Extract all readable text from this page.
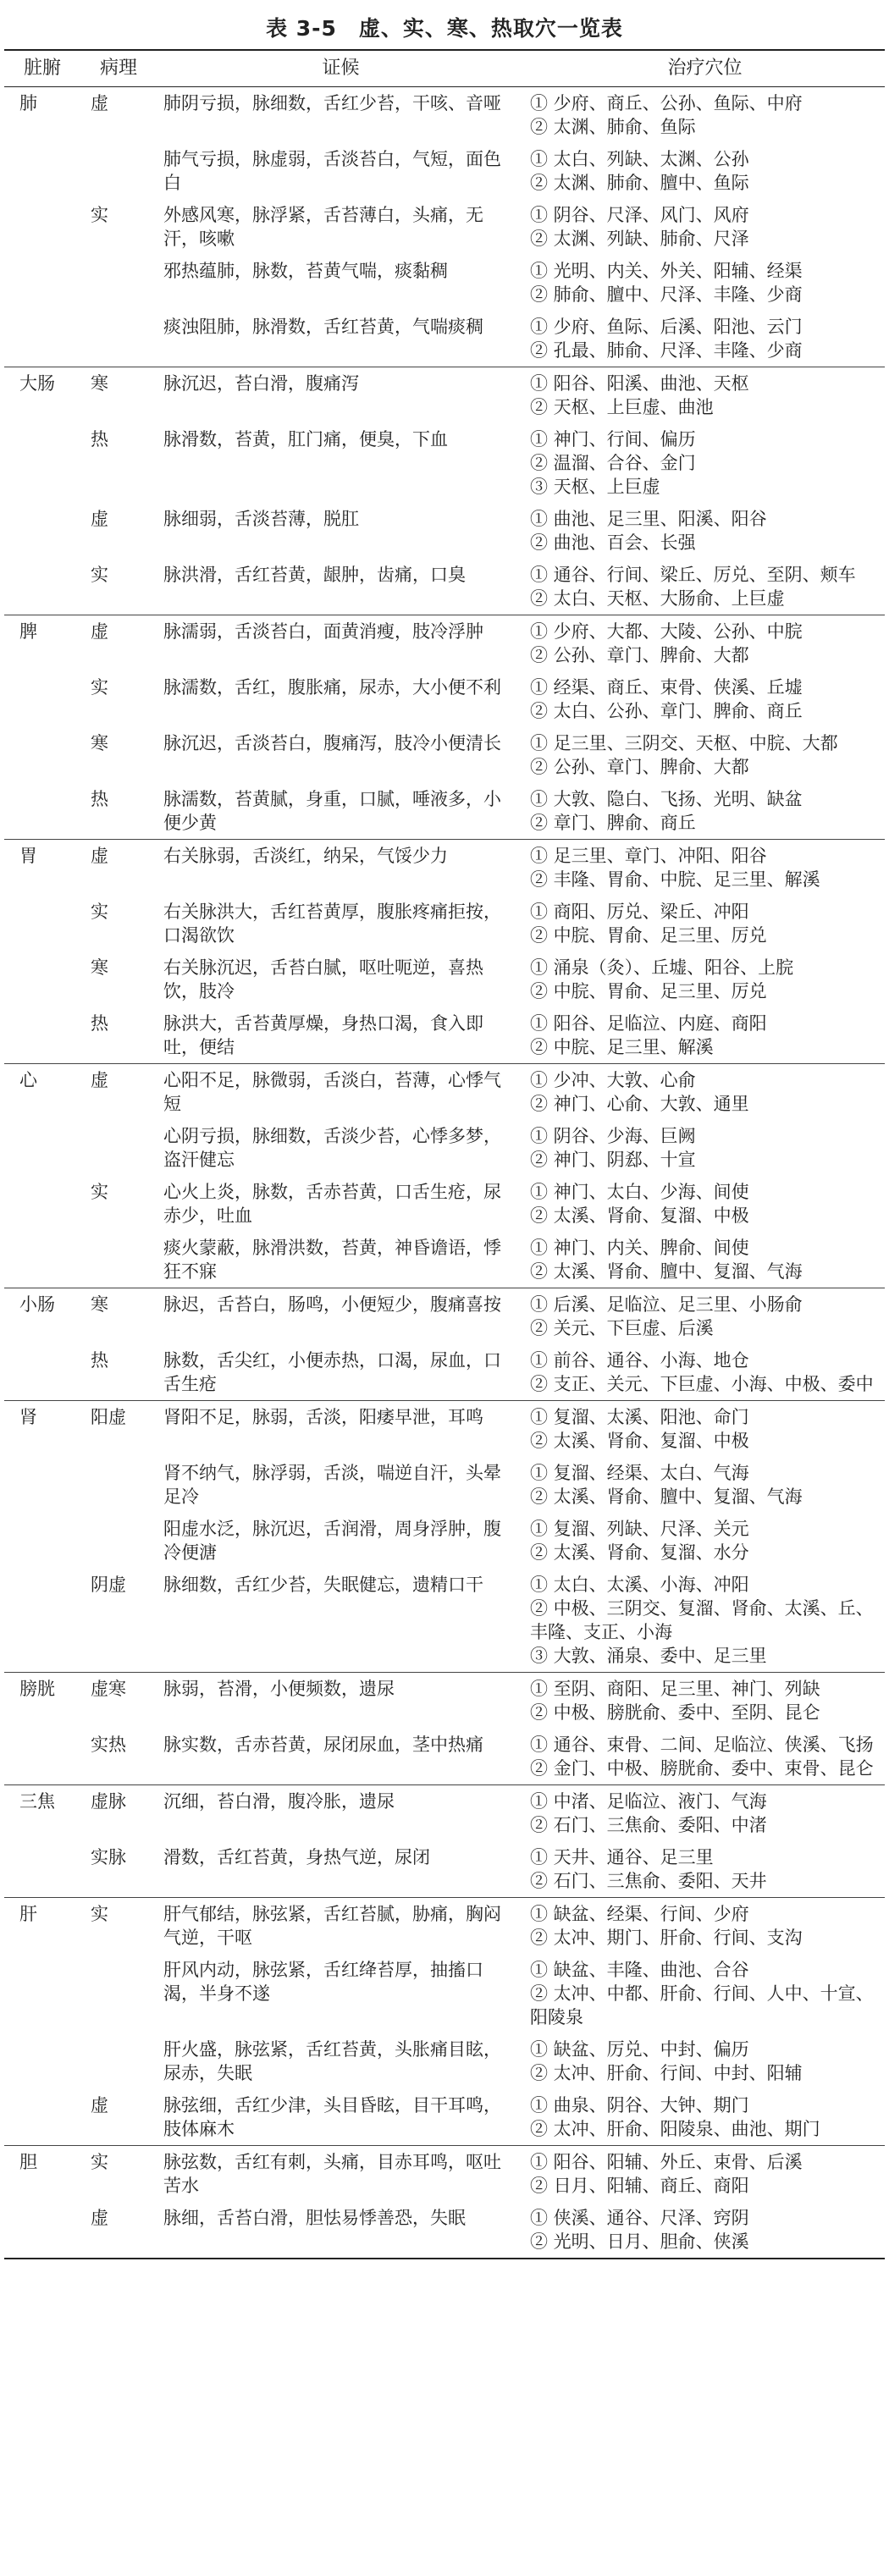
表 3-5　虚、实、寒、热取穴一览表
脏腑	病理	证候	治疗穴位
肺	虚	肺阴亏损，脉细数，舌红少苔，干咳、音哑	① 少府、商丘、公孙、鱼际、中府
② 太渊、肺俞、鱼际

		肺气亏损，脉虚弱，舌淡苔白，气短，面色白	① 太白、列缺、太渊、公孙
② 太渊、肺俞、膻中、鱼际

	实	外感风寒，脉浮紧，舌苔薄白，头痛，无汗，咳嗽	① 阴谷、尺泽、风门、风府
② 太渊、列缺、肺俞、尺泽

		邪热蕴肺，脉数，苔黄气喘，痰黏稠	① 光明、内关、外关、阳辅、经渠
② 肺俞、膻中、尺泽、丰隆、少商

		痰浊阻肺，脉滑数，舌红苔黄，气喘痰稠	① 少府、鱼际、后溪、阳池、云门
② 孔最、肺俞、尺泽、丰隆、少商

大肠	寒	脉沉迟，苔白滑，腹痛泻	① 阳谷、阳溪、曲池、天枢
② 天枢、上巨虚、曲池

	热	脉滑数，苔黄，肛门痛，便臭，下血	① 神门、行间、偏历
② 温溜、合谷、金门
③ 天枢、上巨虚

	虚	脉细弱，舌淡苔薄，脱肛	① 曲池、足三里、阳溪、阳谷
② 曲池、百会、长强

	实	脉洪滑，舌红苔黄，龈肿，齿痛，口臭	① 通谷、行间、梁丘、厉兑、至阴、颊车
② 太白、天枢、大肠俞、上巨虚

脾	虚	脉濡弱，舌淡苔白，面黄消瘦，肢冷浮肿	① 少府、大都、大陵、公孙、中脘
② 公孙、章门、脾俞、大都

	实	脉濡数，舌红，腹胀痛，尿赤，大小便不利	① 经渠、商丘、束骨、侠溪、丘墟
② 太白、公孙、章门、脾俞、商丘

	寒	脉沉迟，舌淡苔白，腹痛泻，肢冷小便清长	① 足三里、三阴交、天枢、中脘、大都
② 公孙、章门、脾俞、大都

	热	脉濡数，苔黄腻，身重，口腻，唾液多，小便少黄	① 大敦、隐白、飞扬、光明、缺盆
② 章门、脾俞、商丘

胃	虚	右关脉弱，舌淡红，纳呆，气馁少力	① 足三里、章门、冲阳、阳谷
② 丰隆、胃俞、中脘、足三里、解溪

	实	右关脉洪大，舌红苔黄厚，腹胀疼痛拒按，口渴欲饮	① 商阳、厉兑、梁丘、冲阳
② 中脘、胃俞、足三里、厉兑

	寒	右关脉沉迟，舌苔白腻，呕吐呃逆，喜热饮，肢冷	① 涌泉（灸）、丘墟、阳谷、上脘
② 中脘、胃俞、足三里、厉兑

	热	脉洪大，舌苔黄厚燥，身热口渴，食入即吐，便结	① 阳谷、足临泣、内庭、商阳
② 中脘、足三里、解溪

心	虚	心阳不足，脉微弱，舌淡白，苔薄，心悸气短	① 少冲、大敦、心俞
② 神门、心俞、大敦、通里

		心阴亏损，脉细数，舌淡少苔，心悸多梦，盗汗健忘	① 阴谷、少海、巨阙
② 神门、阴郄、十宣

	实	心火上炎，脉数，舌赤苔黄，口舌生疮，尿赤少，吐血	① 神门、太白、少海、间使
② 太溪、肾俞、复溜、中极

		痰火蒙蔽，脉滑洪数，苔黄，神昏谵语，悸狂不寐	① 神门、内关、脾俞、间使
② 太溪、肾俞、膻中、复溜、气海

小肠	寒	脉迟，舌苔白，肠鸣，小便短少，腹痛喜按	① 后溪、足临泣、足三里、小肠俞
② 关元、下巨虚、后溪

	热	脉数，舌尖红，小便赤热，口渴，尿血，口舌生疮	① 前谷、通谷、小海、地仓
② 支正、关元、下巨虚、小海、中极、委中

肾	阳虚	肾阳不足，脉弱，舌淡，阳痿早泄，耳鸣	① 复溜、太溪、阳池、命门
② 太溪、肾俞、复溜、中极

		肾不纳气，脉浮弱，舌淡，喘逆自汗，头晕足冷	① 复溜、经渠、太白、气海
② 太溪、肾俞、膻中、复溜、气海

		阳虚水泛，脉沉迟，舌润滑，周身浮肿，腹冷便溏	① 复溜、列缺、尺泽、关元
② 太溪、肾俞、复溜、水分

	阴虚	脉细数，舌红少苔，失眠健忘，遗精口干	① 太白、太溪、小海、冲阳
② 中极、三阴交、复溜、肾俞、太溪、丘、丰隆、支正、小海
③ 大敦、涌泉、委中、足三里

膀胱	虚寒	脉弱，苔滑，小便频数，遗尿	① 至阴、商阳、足三里、神门、列缺
② 中极、膀胱俞、委中、至阴、昆仑

	实热	脉实数，舌赤苔黄，尿闭尿血，茎中热痛	① 通谷、束骨、二间、足临泣、侠溪、飞扬
② 金门、中极、膀胱俞、委中、束骨、昆仑

三焦	虚脉	沉细，苔白滑，腹冷胀，遗尿	① 中渚、足临泣、液门、气海
② 石门、三焦俞、委阳、中渚

	实脉	滑数，舌红苔黄，身热气逆，尿闭	① 天井、通谷、足三里
② 石门、三焦俞、委阳、天井

肝	实	肝气郁结，脉弦紧，舌红苔腻，胁痛，胸闷气逆，干呕	① 缺盆、经渠、行间、少府
② 太冲、期门、肝俞、行间、支沟

		肝风内动，脉弦紧，舌红绛苔厚，抽搐口渴，半身不遂	① 缺盆、丰隆、曲池、合谷
② 太冲、中都、肝俞、行间、人中、十宣、阳陵泉

		肝火盛，脉弦紧，舌红苔黄，头胀痛目眩，尿赤，失眠	① 缺盆、厉兑、中封、偏历
② 太冲、肝俞、行间、中封、阳辅

	虚	脉弦细，舌红少津，头目昏眩，目干耳鸣，肢体麻木	① 曲泉、阴谷、大钟、期门
② 太冲、肝俞、阳陵泉、曲池、期门

胆	实	脉弦数，舌红有刺，头痛，目赤耳鸣，呕吐苦水	① 阳谷、阳辅、外丘、束骨、后溪
② 日月、阳辅、商丘、商阳

	虚	脉细，舌苔白滑，胆怯易悸善恐，失眠	① 侠溪、通谷、尺泽、窍阴
② 光明、日月、胆俞、侠溪
